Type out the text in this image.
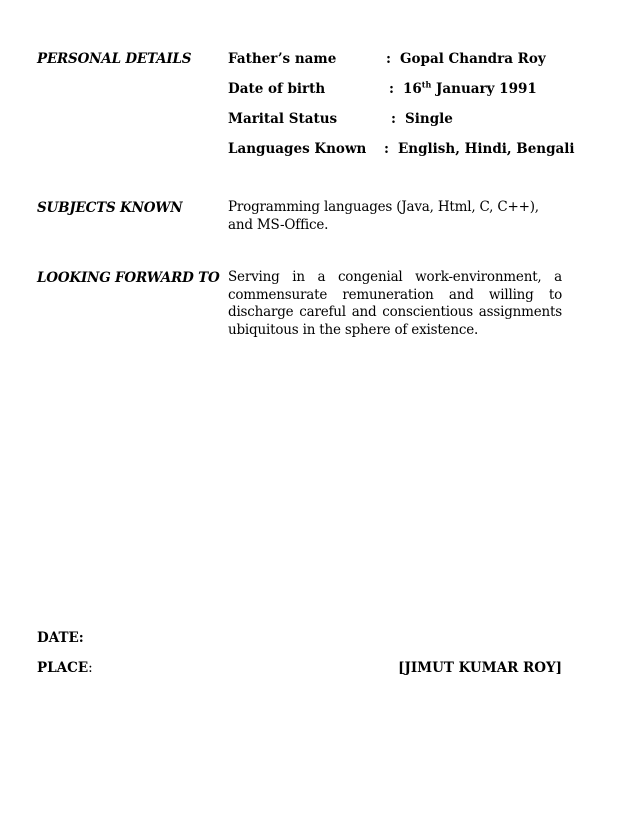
PERSONAL DETAILS	Father’s name	: Gopal Chandra Roy
Date of birth	: 16th January 1991
Marital Status	: Single
Languages Known : English, Hindi, Bengali
SUBJECTS KNOWN	Programming languages (Java, Html, C, C++), and MS-Office.
LOOKING FORWARD TO Serving in a congenial work-environment, a commensurate remuneration and willing to discharge careful and conscientious assignments ubiquitous in the sphere of existence.
DATE:
PLACE:	[JIMUT KUMAR ROY]
